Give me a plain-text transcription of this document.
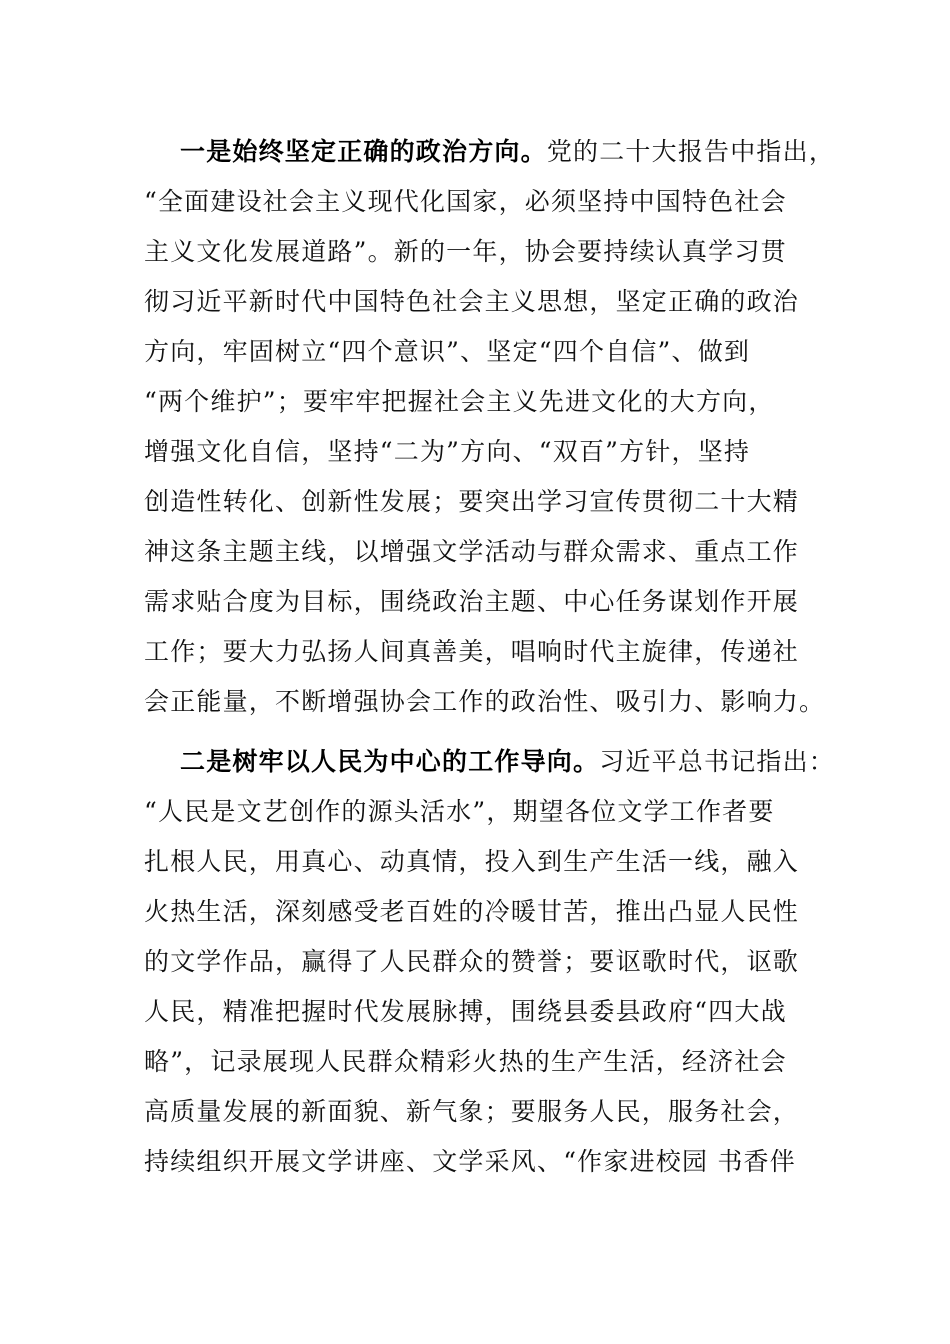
一是始终坚定正确的政治方向。党的二十大报告中指出，
“全面建设社会主义现代化国家，必须坚持中国特色社会
主义文化发展道路”。新的一年，协会要持续认真学习贯
彻习近平新时代中国特色社会主义思想，坚定正确的政治
方向，牢固树立“四个意识”、坚定“四个自信”、做到
“两个维护”；要牢牢把握社会主义先进文化的大方向，
增强文化自信，坚持“二为”方向、“双百”方针，坚持
创造性转化、创新性发展；要突出学习宣传贯彻二十大精
神这条主题主线，以增强文学活动与群众需求、重点工作
需求贴合度为目标，围绕政治主题、中心任务谋划作开展
工作；要大力弘扬人间真善美，唱响时代主旋律，传递社
会正能量，不断增强协会工作的政治性、吸引力、影响力。
二是树牢以人民为中心的工作导向。习近平总书记指出：
“人民是文艺创作的源头活水”，期望各位文学工作者要
扎根人民，用真心、动真情，投入到生产生活一线，融入
火热生活，深刻感受老百姓的冷暖甘苦，推出凸显人民性
的文学作品，赢得了人民群众的赞誉；要讴歌时代，讴歌
人民，精准把握时代发展脉搏，围绕县委县政府“四大战
略”，记录展现人民群众精彩火热的生产生活，经济社会
高质量发展的新面貌、新气象；要服务人民，服务社会，
持续组织开展文学讲座、文学采风、“作家进校园 书香伴
